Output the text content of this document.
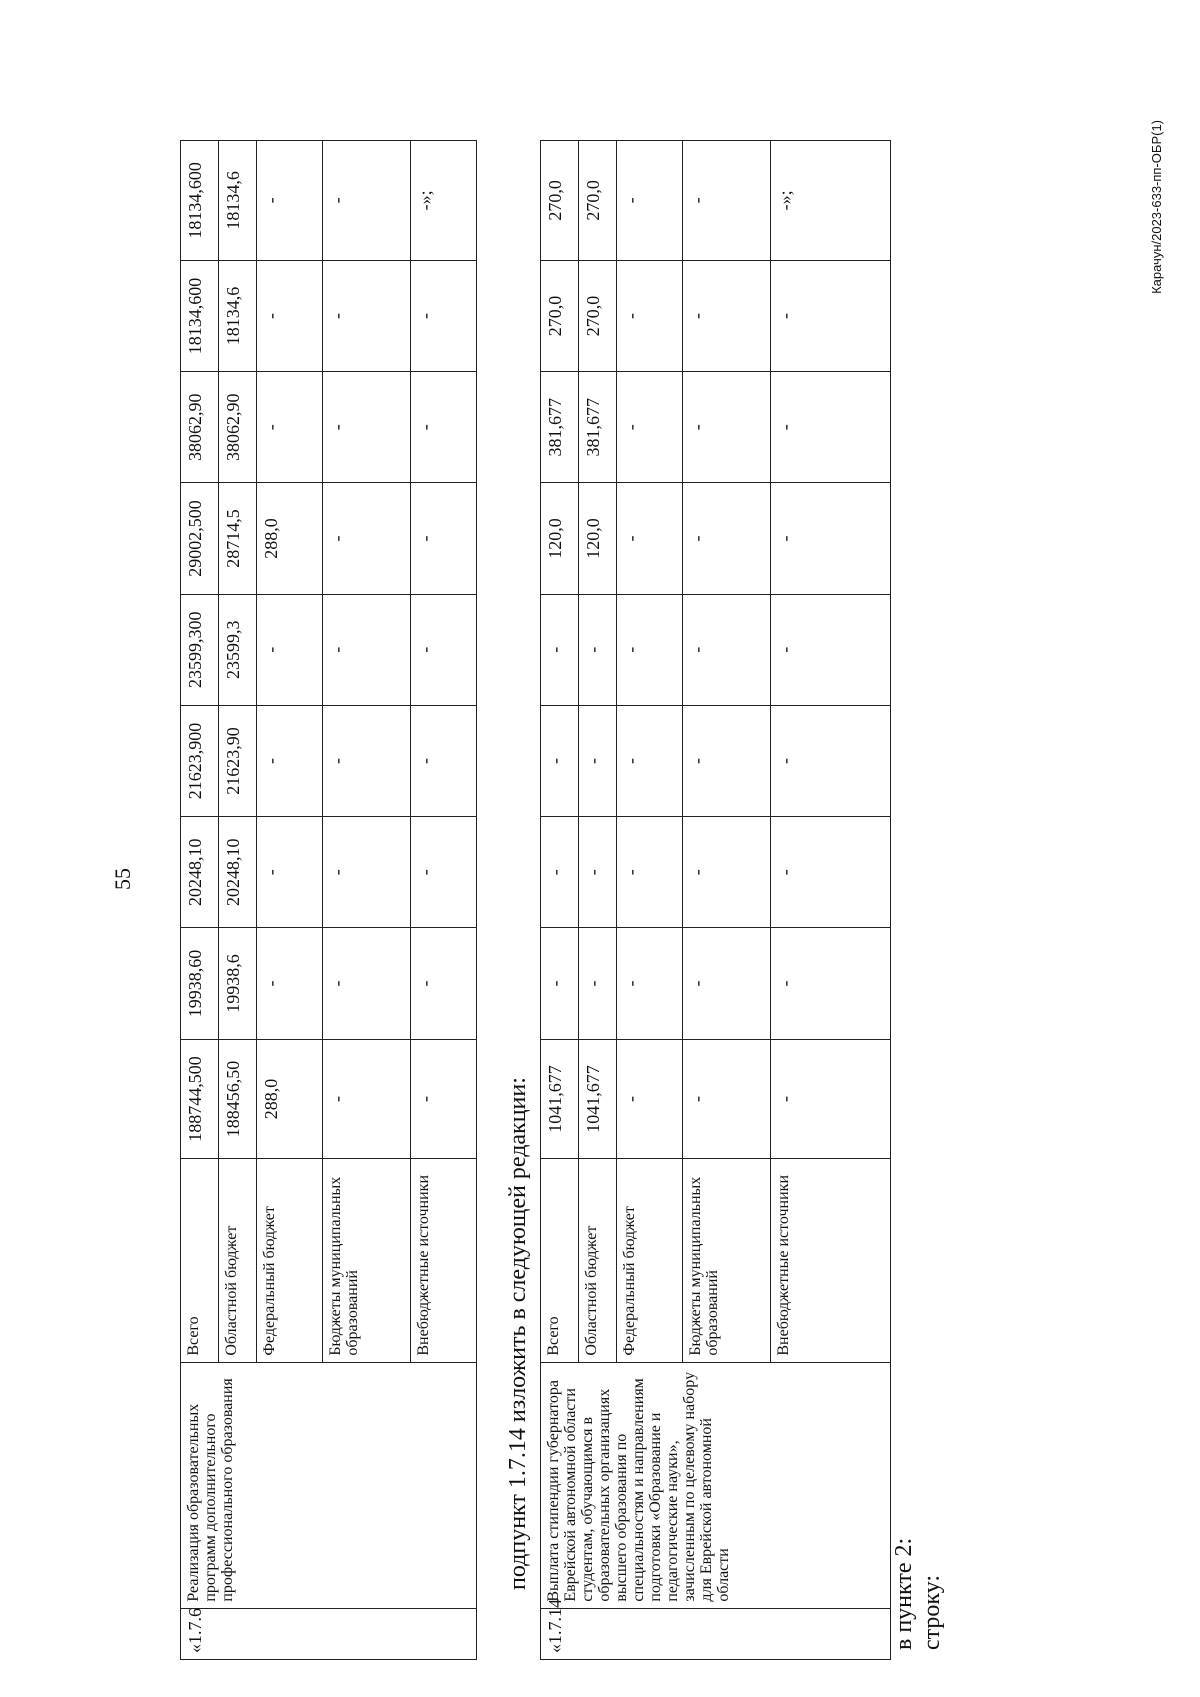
55
«1.7.6	Реализация образовательных программ дополнительного профессионального образования	Всего	188744,500	19938,60	20248,10	21623,900	23599,300	29002,500	38062,90	18134,600	18134,600
		Областной бюджет	188456,50	19938,6	20248,10	21623,90	23599,3	28714,5	38062,90	18134,6	18134,6
		Федеральный бюджет	288,0	-	-	-	-	288,0	-	-	-
		Бюджеты муниципальных образований	-	-	-	-	-	-	-	-	-
		Внебюджетные источники	-	-	-	-	-	-	-	-	-»;
подпункт 1.7.14 изложить в следующей редакции:
«1.7.14	Выплата стипендии губернатора Еврейской автономной области студентам, обучающимся в образовательных организациях высшего образования по специальностям и направлениям подготовки «Образование и педагогические науки», зачисленным по целевому набору для Еврейской автономной области	Всего	1041,677	-	-	-	-	120,0	381,677	270,0	270,0
		Областной бюджет	1041,677	-	-	-	-	120,0	381,677	270,0	270,0
		Федеральный бюджет	-	-	-	-	-	-	-	-	-
		Бюджеты муниципальных образований	-	-	-	-	-	-	-	-	-
		Внебюджетные источники	-	-	-	-	-	-	-	-	-»;
в пункте 2: строку:
Карачун/2023-633-пп-ОБР(1)
